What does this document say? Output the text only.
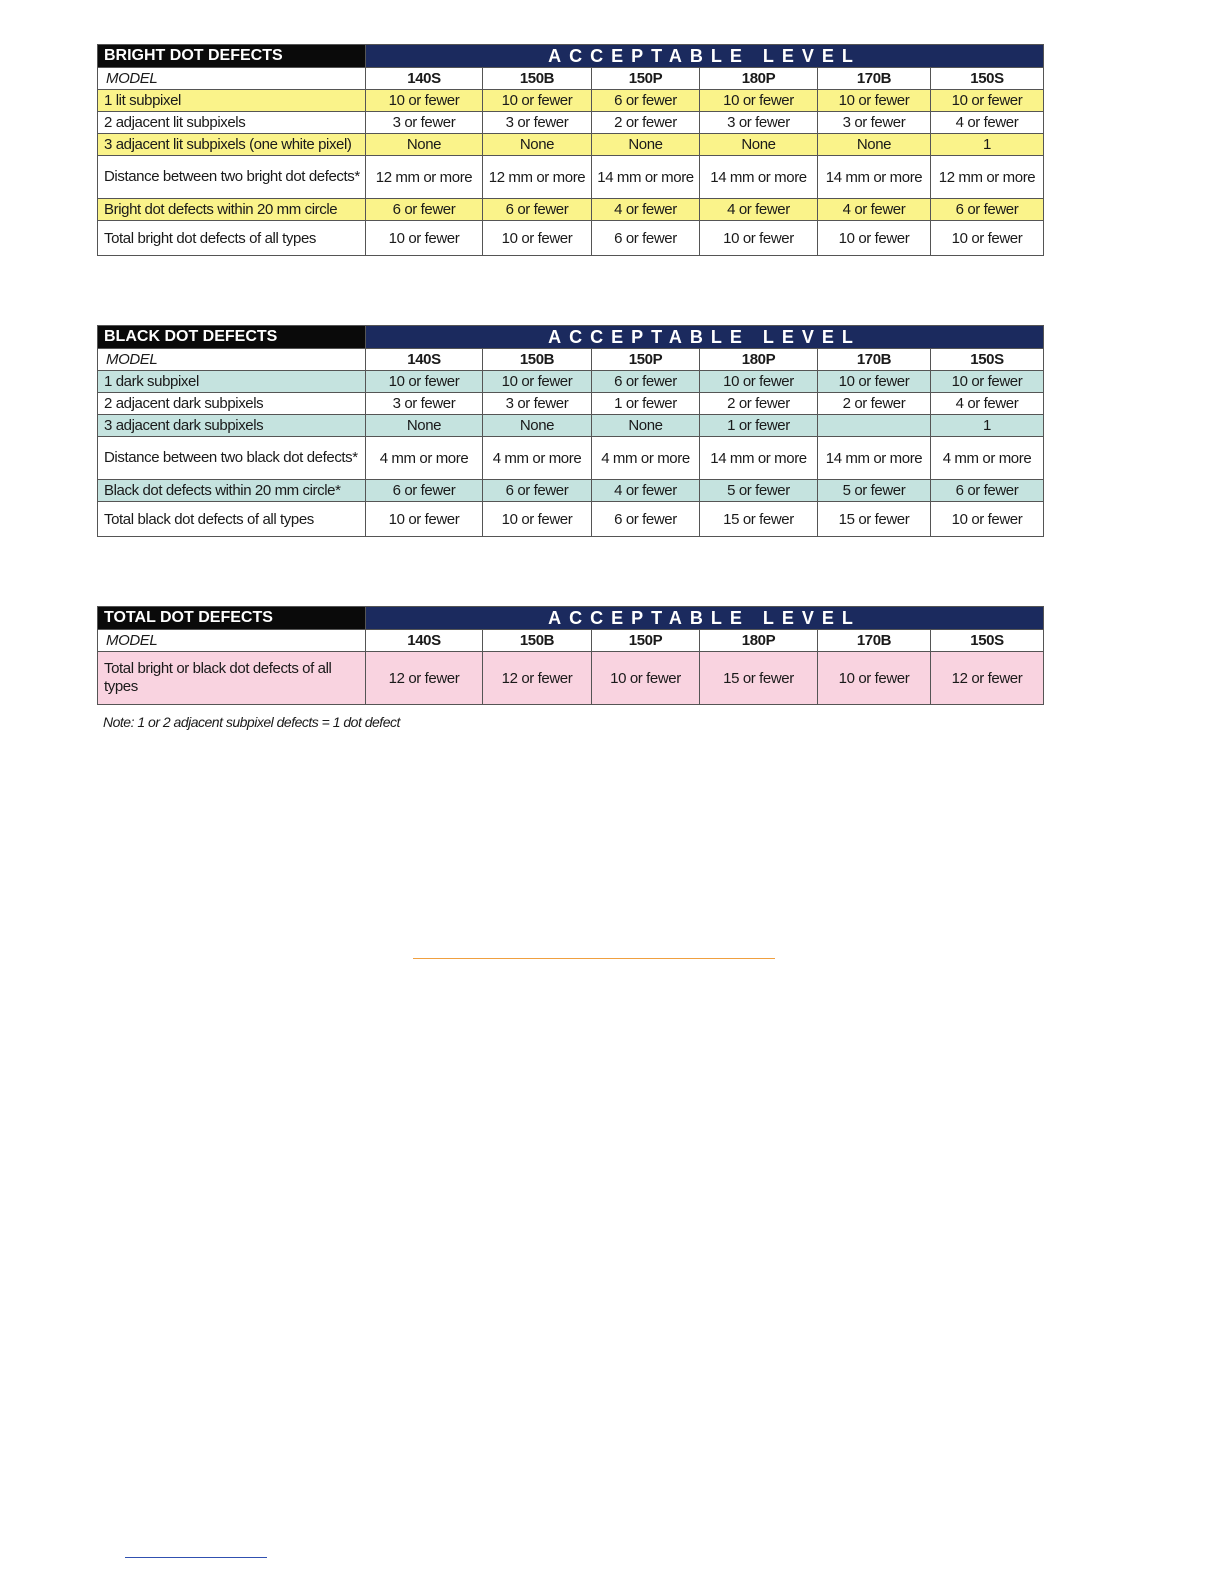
BRIGHT DOT DEFECTS	ACCEPTABLE LEVEL					
MODEL	140S	150B	150P	180P	170B	150S
1 lit subpixel	10 or fewer	10 or fewer	6 or fewer	10 or fewer	10 or fewer	10 or fewer
2 adjacent lit subpixels	3 or fewer	3 or fewer	2 or fewer	3 or fewer	3 or fewer	4 or fewer
3 adjacent lit subpixels (one white pixel)	None	None	None	None	None	1
Distance between two bright dot defects*	12 mm or more	12 mm or more	14 mm or more	14 mm or more	14 mm or more	12 mm or more
Bright dot defects within 20 mm circle	6 or fewer	6 or fewer	4 or fewer	4 or fewer	4 or fewer	6 or fewer
Total bright dot defects of all types	10 or fewer	10 or fewer	6 or fewer	10 or fewer	10 or fewer	10 or fewer
BLACK DOT DEFECTS	ACCEPTABLE LEVEL					
MODEL	140S	150B	150P	180P	170B	150S
1 dark subpixel	10 or fewer	10 or fewer	6 or fewer	10 or fewer	10 or fewer	10 or fewer
2 adjacent dark subpixels	3 or fewer	3 or fewer	1 or fewer	2 or fewer	2 or fewer	4 or fewer
3 adjacent dark subpixels	None	None	None	1 or fewer		1
Distance between two black dot defects*	4 mm or more	4 mm or more	4 mm or more	14 mm or more	14 mm or more	4 mm or more
Black dot defects within 20 mm circle*	6 or fewer	6 or fewer	4 or fewer	5 or fewer	5 or fewer	6 or fewer
Total black dot defects of all types	10 or fewer	10 or fewer	6 or fewer	15 or fewer	15 or fewer	10 or fewer
TOTAL DOT DEFECTS	ACCEPTABLE LEVEL					
MODEL	140S	150B	150P	180P	170B	150S
Total bright or black dot defects of all types	12 or fewer	12 or fewer	10 or fewer	15 or fewer	10 or fewer	12 or fewer
Note: 1 or 2 adjacent subpixel defects = 1 dot defect
